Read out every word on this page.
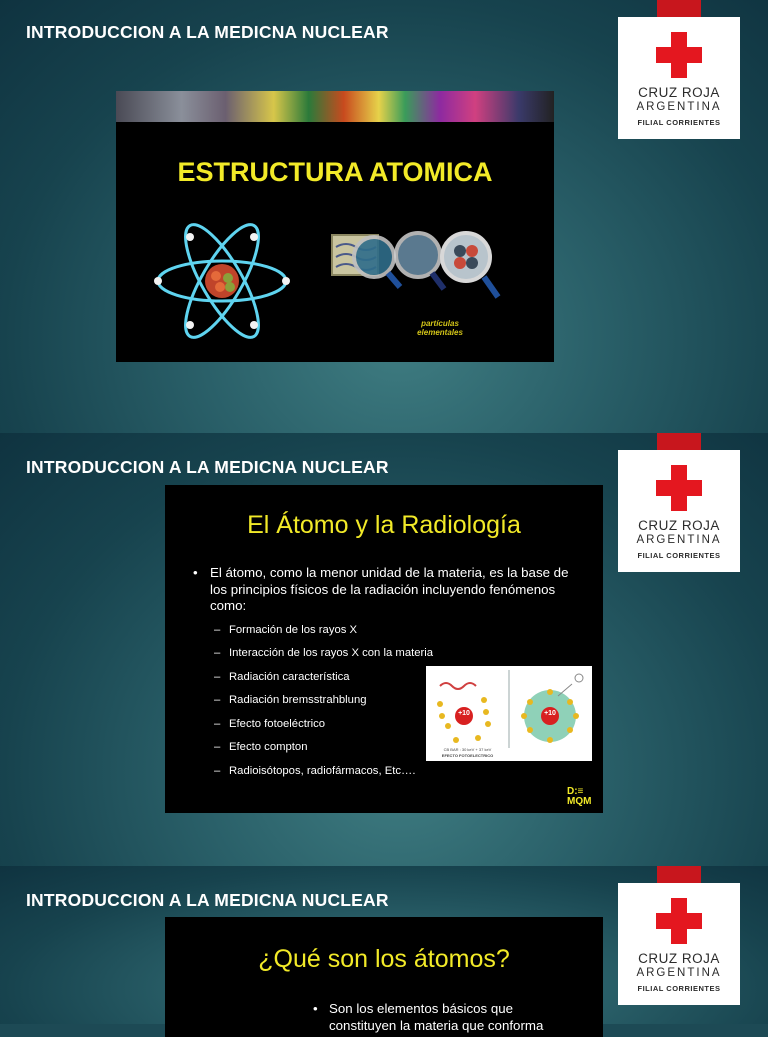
INTRODUCCION A LA MEDICNA NUCLEAR
CRUZ ROJA
ARGENTINA
FILIAL CORRIENTES
ESTRUCTURA ATOMICA
partículas
elementales
INTRODUCCION A LA MEDICNA NUCLEAR
CRUZ ROJA
ARGENTINA
FILIAL CORRIENTES
El Átomo y la Radiología
• El átomo, como la menor unidad de la materia, es la base de los principios físicos de la radiación incluyendo fenómenos como:
– Formación de los rayos X
– Interacción de los rayos X con la materia
– Radiación característica
– Radiación bremsstrahblung
– Efecto fotoeléctrico
– Efecto compton
– Radioisótopos, radiofármacos, Etc….
+10	+10
CB BAR : 30 keV + 37 keV
EFECTO FOTOELECTRICO
D:≡
MQM
INTRODUCCION A LA MEDICNA NUCLEAR
CRUZ ROJA
ARGENTINA
FILIAL CORRIENTES
¿Qué son los átomos?
• Son los elementos básicos que constituyen la materia que conforma
